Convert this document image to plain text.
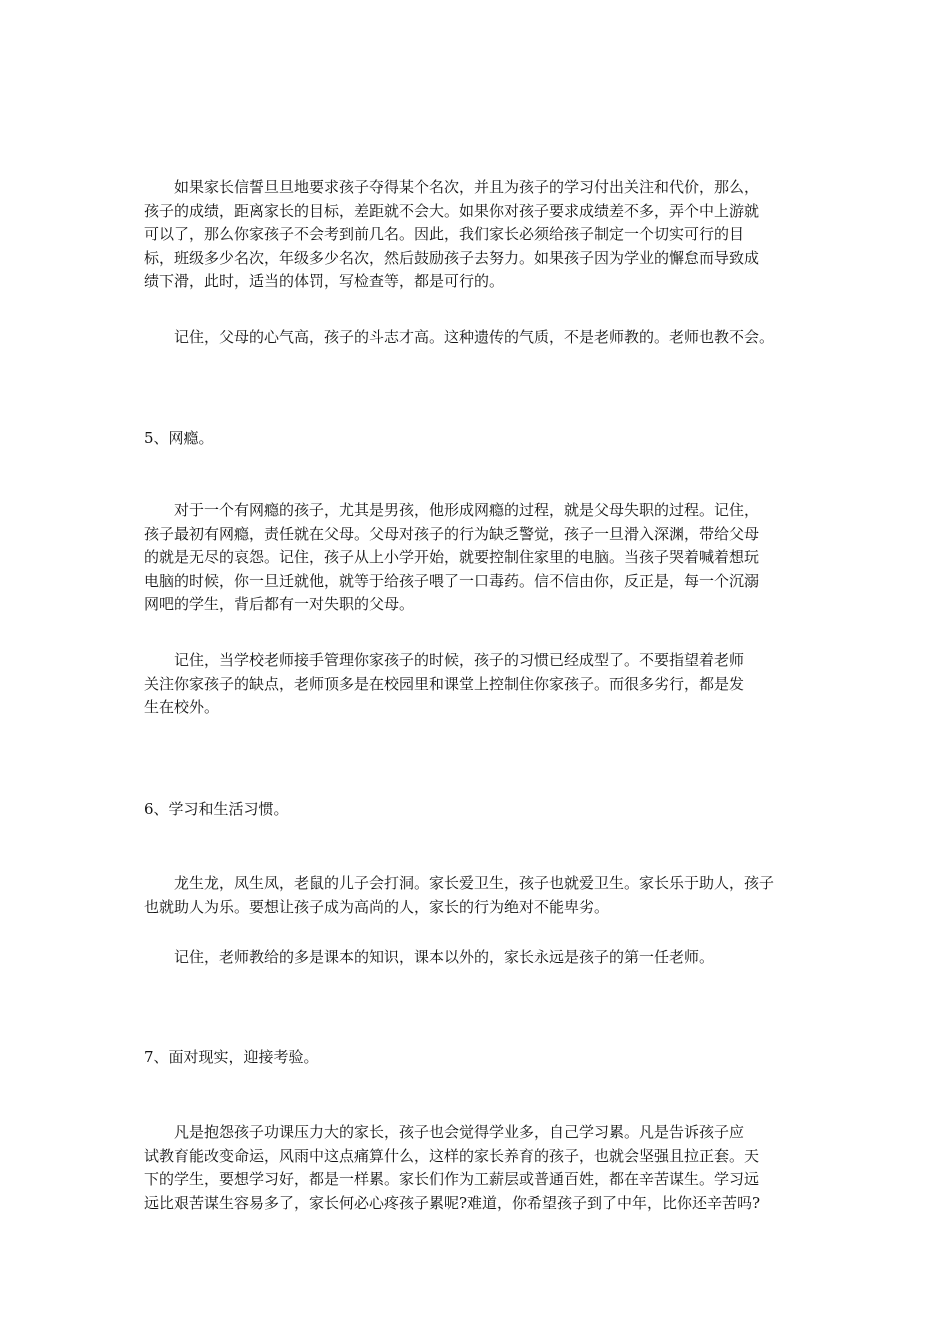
　　如果家长信誓旦旦地要求孩子夺得某个名次，并且为孩子的学习付出关注和代价，那么，
孩子的成绩，距离家长的目标，差距就不会大。如果你对孩子要求成绩差不多，弄个中上游就
可以了，那么你家孩子不会考到前几名。因此，我们家长必须给孩子制定一个切实可行的目
标，班级多少名次，年级多少名次，然后鼓励孩子去努力。如果孩子因为学业的懈怠而导致成
绩下滑，此时，适当的体罚，写检查等，都是可行的。

　　记住，父母的心气高，孩子的斗志才高。这种遗传的气质，不是老师教的。老师也教不会。

5、网瘾。

　　对于一个有网瘾的孩子，尤其是男孩，他形成网瘾的过程，就是父母失职的过程。记住，
孩子最初有网瘾，责任就在父母。父母对孩子的行为缺乏警觉，孩子一旦滑入深渊，带给父母
的就是无尽的哀怨。记住，孩子从上小学开始，就要控制住家里的电脑。当孩子哭着喊着想玩
电脑的时候，你一旦迁就他，就等于给孩子喂了一口毒药。信不信由你，反正是，每一个沉溺
网吧的学生，背后都有一对失职的父母。

　　记住，当学校老师接手管理你家孩子的时候，孩子的习惯已经成型了。不要指望着老师
关注你家孩子的缺点，老师顶多是在校园里和课堂上控制住你家孩子。而很多劣行，都是发
生在校外。

6、学习和生活习惯。

　　龙生龙，凤生凤，老鼠的儿子会打洞。家长爱卫生，孩子也就爱卫生。家长乐于助人，孩子
也就助人为乐。要想让孩子成为高尚的人，家长的行为绝对不能卑劣。

　　记住，老师教给的多是课本的知识，课本以外的，家长永远是孩子的第一任老师。

7、面对现实，迎接考验。

　　凡是抱怨孩子功课压力大的家长，孩子也会觉得学业多，自己学习累。凡是告诉孩子应
试教育能改变命运，风雨中这点痛算什么，这样的家长养育的孩子，也就会坚强且拉正套。天
下的学生，要想学习好，都是一样累。家长们作为工薪层或普通百姓，都在辛苦谋生。学习远
远比艰苦谋生容易多了，家长何必心疼孩子累呢?难道，你希望孩子到了中年，比你还辛苦吗?
